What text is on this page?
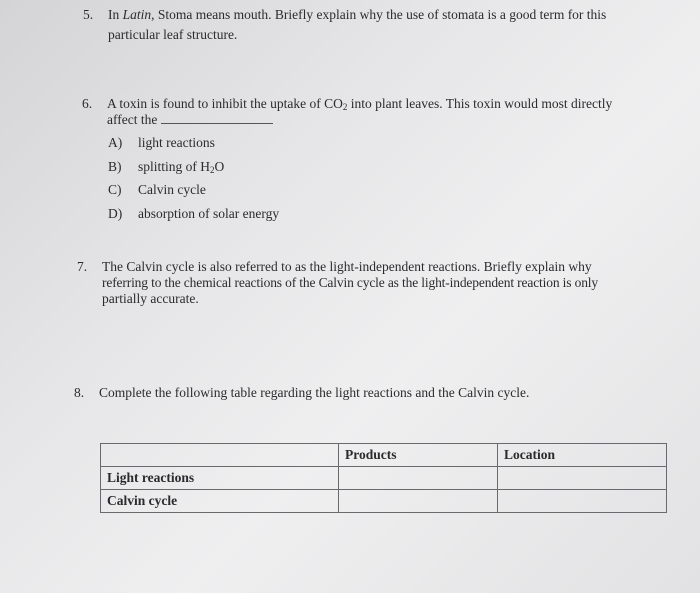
5. In Latin, Stoma means mouth. Briefly explain why the use of stomata is a good term for this
particular leaf structure.
6. A toxin is found to inhibit the uptake of $CO_2$ into plant leaves. This toxin would most directly
affect the
A) light reactions
B) splitting of $H_2O$
C) Calvin cycle
D) absorption of solar energy
7. The Calvin cycle is also referred to as the light-independent reactions. Briefly explain why
referring to the chemical reactions of the Calvin cycle as the light-independent reaction is only
partially accurate.
8. Complete the following table regarding the light reactions and the Calvin cycle.
	Products	Location
Light reactions		
Calvin cycle		
